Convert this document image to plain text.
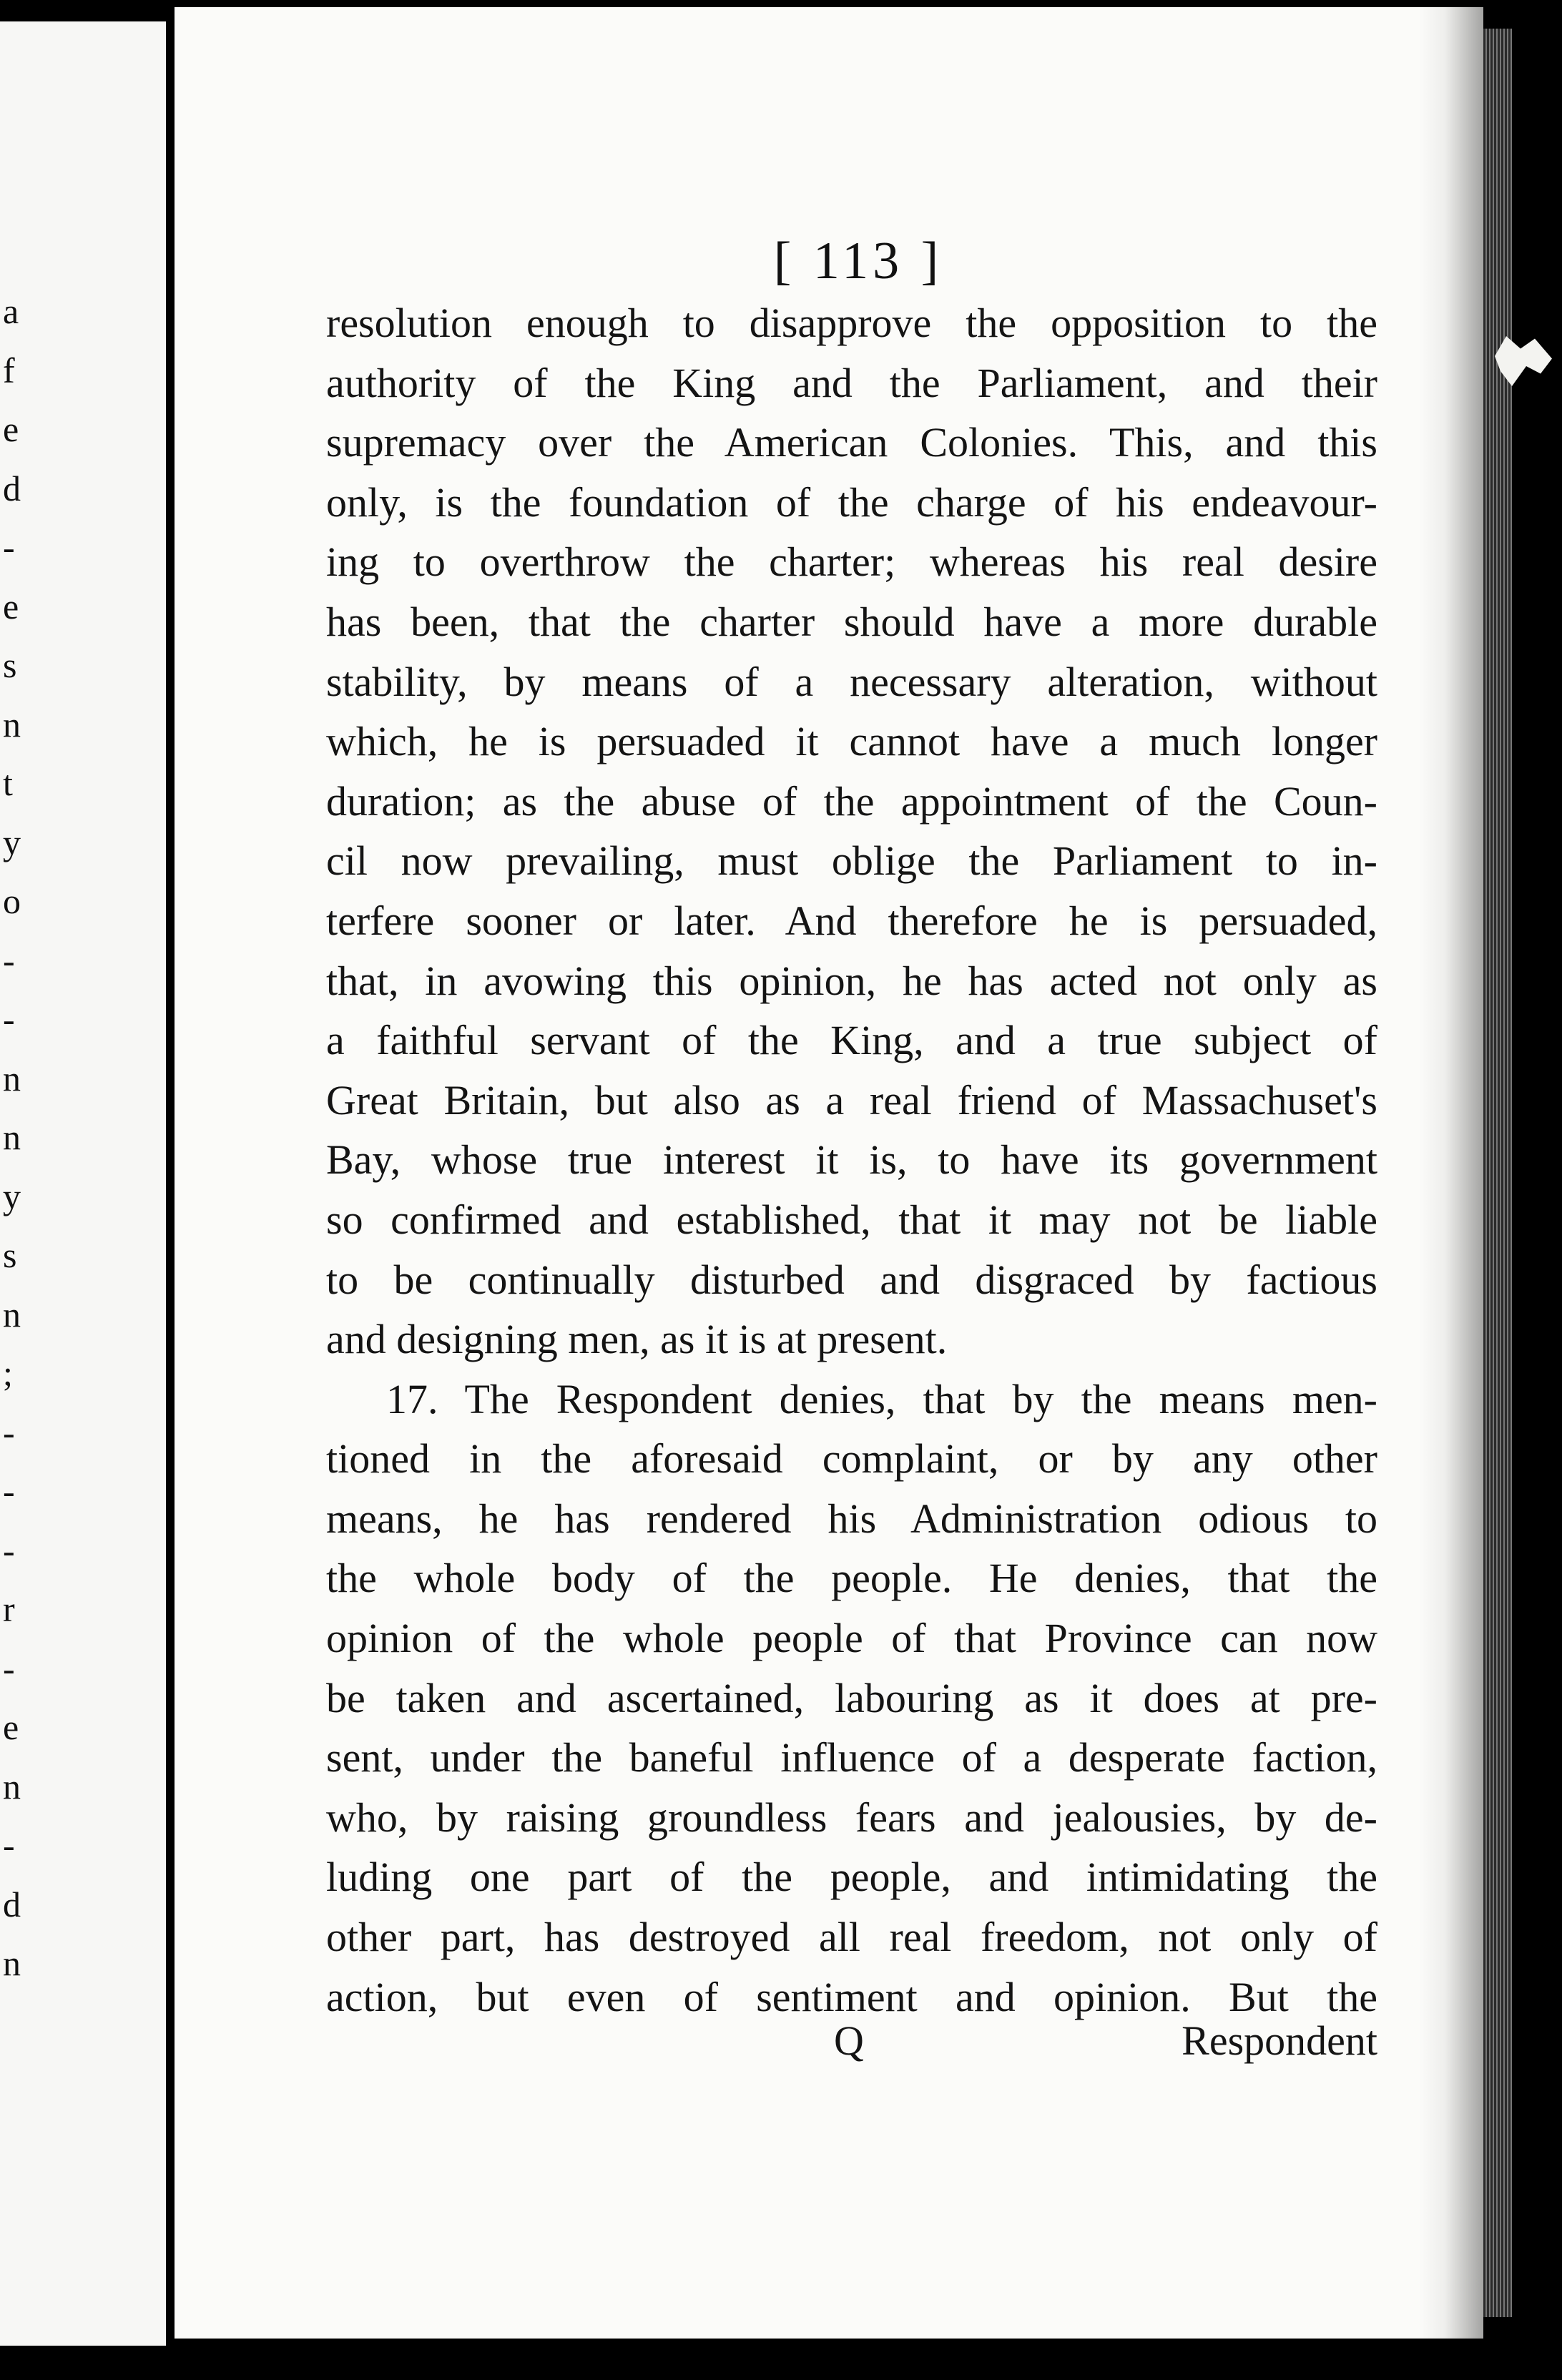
a
f
e
d
-
e
s
n
t
y
o
-
-
n
n
y
s
n
;
-
-
-
r
-
e
n
-
d
n
[ 113 ]
resolution enough to disapprove the opposition to the
authority of the King and the Parliament, and their
supremacy over the American Colonies. This, and this
only, is the foundation of the charge of his endeavour-
ing to overthrow the charter; whereas his real desire
has been, that the charter should have a more durable
stability, by means of a necessary alteration, without
which, he is persuaded it cannot have a much longer
duration; as the abuse of the appointment of the Coun-
cil now prevailing, must oblige the Parliament to in-
terfere sooner or later. And therefore he is persuaded,
that, in avowing this opinion, he has acted not only as
a faithful servant of the King, and a true subject of
Great Britain, but also as a real friend of Massachuset's
Bay, whose true interest it is, to have its government
so confirmed and established, that it may not be liable
to be continually disturbed and disgraced by factious
and designing men, as it is at present.
17. The Respondent denies, that by the means men-
tioned in the aforesaid complaint, or by any other
means, he has rendered his Administration odious to
the whole body of the people. He denies, that the
opinion of the whole people of that Province can now
be taken and ascertained, labouring as it does at pre-
sent, under the baneful influence of a desperate faction,
who, by raising groundless fears and jealousies, by de-
luding one part of the people, and intimidating the
other part, has destroyed all real freedom, not only of
action, but even of sentiment and opinion. But the
Q	Respondent
